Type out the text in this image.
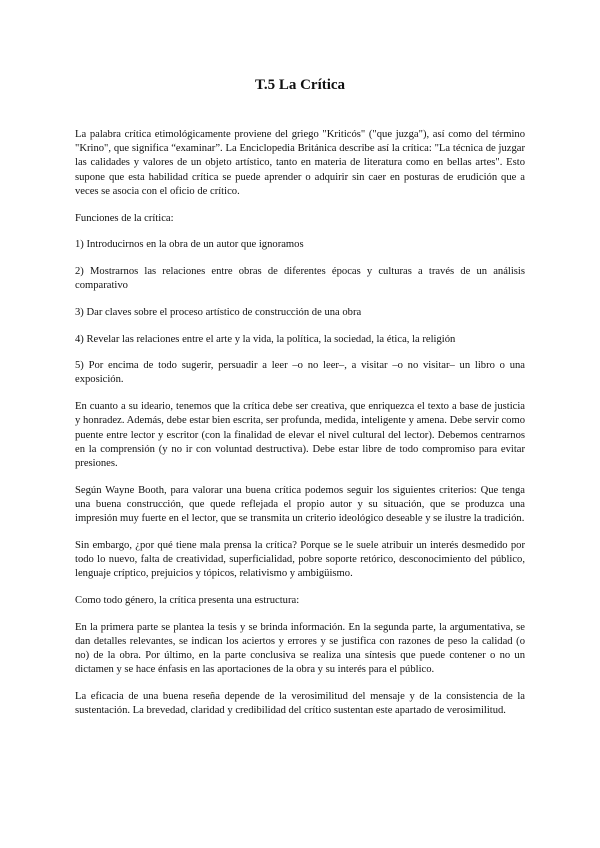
T.5 La Crítica

La palabra crítica etimológicamente proviene del griego "Kriticós" ("que juzga"), así como del término "Krino", que significa “examinar”. La Enciclopedia Británica describe así la crítica: "La técnica de juzgar las calidades y valores de un objeto artístico, tanto en materia de literatura como en bellas artes". Esto supone que esta habilidad crítica se puede aprender o adquirir sin caer en posturas de erudición que a veces se asocia con el oficio de crítico.

Funciones de la crítica:

1) Introducirnos en la obra de un autor que ignoramos

2) Mostrarnos las relaciones entre obras de diferentes épocas y culturas a través de un análisis comparativo

3) Dar claves sobre el proceso artístico de construcción de una obra

4) Revelar las relaciones entre el arte y la vida, la política, la sociedad, la ética, la religión

5) Por encima de todo sugerir, persuadir a leer –o no leer–, a visitar –o no visitar– un libro o una exposición.

En cuanto a su ideario, tenemos que la crítica debe ser creativa, que enriquezca el texto a base de justicia y honradez. Además, debe estar bien escrita, ser profunda, medida, inteligente y amena. Debe servir como puente entre lector y escritor (con la finalidad de elevar el nivel cultural del lector). Debemos centrarnos en la comprensión (y no ir con voluntad destructiva). Debe estar libre de todo compromiso para evitar presiones.

Según Wayne Booth, para valorar una buena crítica podemos seguir los siguientes criterios: Que tenga una buena construcción, que quede reflejada el propio autor y su situación, que se produzca una impresión muy fuerte en el lector, que se transmita un criterio ideológico deseable y se ilustre la tradición.

Sin embargo, ¿por qué tiene mala prensa la crítica? Porque se le suele atribuir un interés desmedido por todo lo nuevo, falta de creatividad, superficialidad, pobre soporte retórico, desconocimiento del público, lenguaje críptico, prejuicios y tópicos, relativismo y ambigüismo.

Como todo género, la crítica presenta una estructura:

En la primera parte se plantea la tesis y se brinda información. En la segunda parte, la argumentativa, se dan detalles relevantes, se indican los aciertos y errores y se justifica con razones de peso la calidad (o no) de la obra. Por último, en la parte conclusiva se realiza una síntesis que puede contener o no un dictamen y se hace énfasis en las aportaciones de la obra y su interés para el público.

La eficacia de una buena reseña depende de la verosimilitud del mensaje y de la consistencia de la sustentación. La brevedad, claridad y credibilidad del crítico sustentan este apartado de verosimilitud.
